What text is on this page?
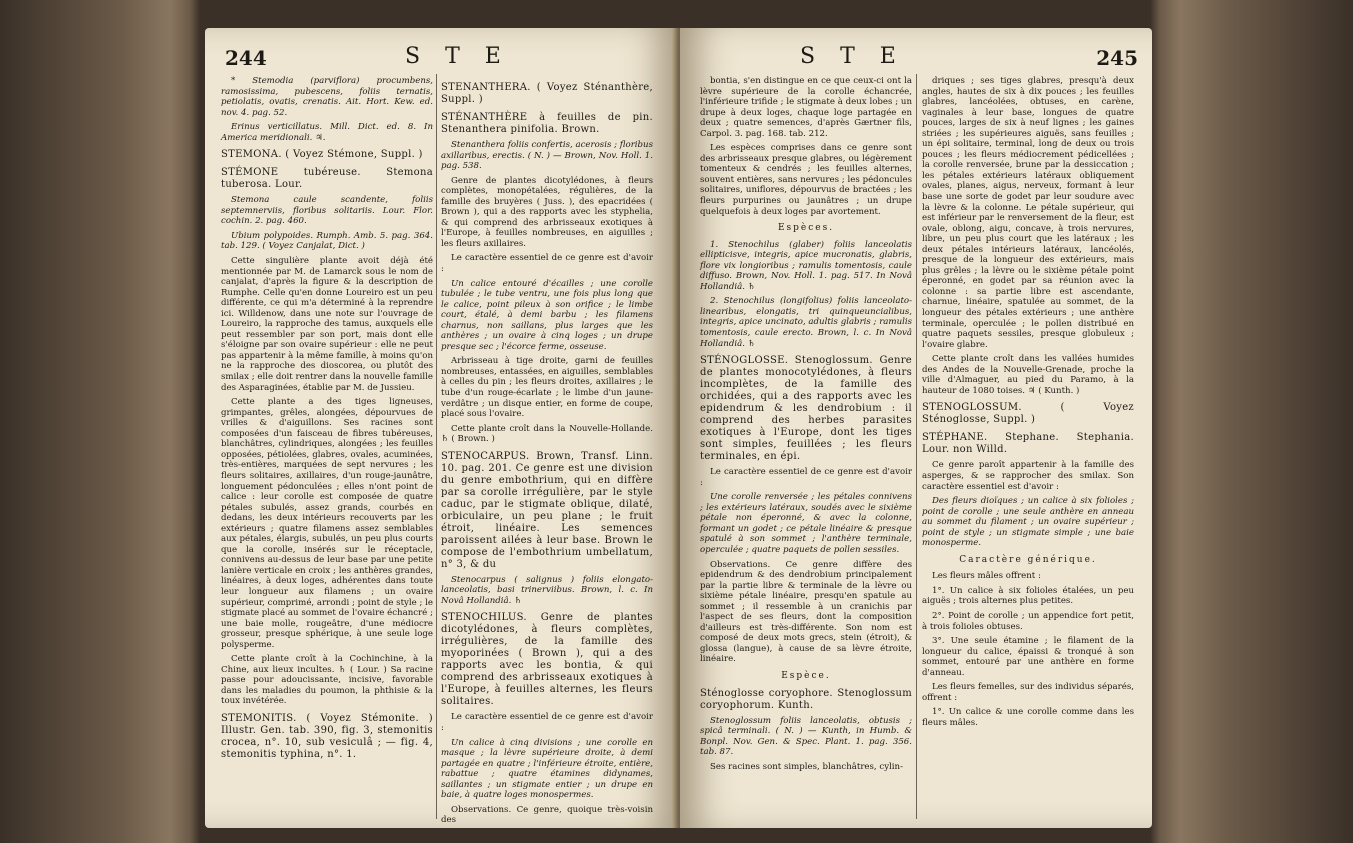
244	S T E

* Stemodia (parviflora) procumbens, ramosissima, pubescens, foliis ternatis, petiolatis, ovatis, crenatis. Ait. Hort. Kew. ed. nov. 4. pag. 52.

Erinus verticillatus. Mill. Dict. ed. 8. In America meridionali. ♃.

STEMONA. ( Voyez Stémone, Suppl. )

STÉMONE tubéreuse. Stemona tuberosa. Lour.

Stemona caule scandente, foliis septemnerviis, floribus solitariis. Lour. Flor. cochin. 2. pag. 460.

Ubium polypoides. Rumph. Amb. 5. pag. 364. tab. 129. ( Voyez Canjalat, Dict. )

Cette singulière plante avoit déjà été mentionnée par M. de Lamarck sous le nom de canjalat, d'après la figure & la description de Rumphe. Celle qu'en donne Loureiro est un peu différente, ce qui m'a déterminé à la reprendre ici. Willdenow, dans une note sur l'ouvrage de Loureiro, la rapproche des tamus, auxquels elle peut ressembler par son port, mais dont elle s'éloigne par son ovaire supérieur : elle ne peut pas appartenir à la même famille, à moins qu'on ne la rapproche des dioscorea, ou plutôt des smilax ; elle doit rentrer dans la nouvelle famille des Asparaginées, établie par M. de Jussieu.

Cette plante a des tiges ligneuses, grimpantes, grêles, alongées, dépourvues de vrilles & d'aiguillons. Ses racines sont composées d'un faisceau de fibres tubéreuses, blanchâtres, cylindriques, alongées ; les feuilles opposées, pétiolées, glabres, ovales, acuminées, très-entières, marquées de sept nervures ; les fleurs solitaires, axillaires, d'un rouge-jaunâtre, longuement pédonculées ; elles n'ont point de calice : leur corolle est composée de quatre pétales subulés, assez grands, courbés en dedans, les deux intérieurs recouverts par les extérieurs ; quatre filamens assez semblables aux pétales, élargis, subulés, un peu plus courts que la corolle, insérés sur le réceptacle, connivens au-dessus de leur base par une petite lanière verticale en croix ; les anthères grandes, linéaires, à deux loges, adhérentes dans toute leur longueur aux filamens ; un ovaire supérieur, comprimé, arrondi ; point de style ; le stigmate placé au sommet de l'ovaire échancré ; une baie molle, rougeâtre, d'une médiocre grosseur, presque sphérique, à une seule loge polysperme.

Cette plante croît à la Cochinchine, à la Chine, aux lieux incultes. ♄ ( Lour. ) Sa racine passe pour adoucissante, incisive, favorable dans les maladies du poumon, la phthisie & la toux invétérée.

STEMONITIS. ( Voyez Stémonite. ) Illustr. Gen. tab. 390, fig. 3, stemonitis crocea, n°. 10, sub vesiculâ ; — fig. 4, stemonitis typhina, n°. 1.

STENANTHERA. ( Voyez Sténanthère, Suppl. )

STÉNANTHÈRE à feuilles de pin. Stenanthera pinifolia. Brown.

Stenanthera foliis confertis, acerosis ; floribus axillaribus, erectis. ( N. ) — Brown, Nov. Holl. 1. pag. 538.

Genre de plantes dicotylédones, à fleurs complètes, monopétalées, régulières, de la famille des bruyères ( Juss. ), des epacridées ( Brown ), qui a des rapports avec les styphelia, & qui comprend des arbrisseaux exotiques à l'Europe, à feuilles nombreuses, en aiguilles ; les fleurs axillaires.

Le caractère essentiel de ce genre est d'avoir :

Un calice entouré d'écailles ; une corolle tubulée ; le tube ventru, une fois plus long que le calice, point pileux à son orifice ; le limbe court, étalé, à demi barbu ; les filamens charnus, non saillans, plus larges que les anthères ; un ovaire à cinq loges ; un drupe presque sec ; l'écorce ferme, osseuse.

Arbrisseau à tige droite, garni de feuilles nombreuses, entassées, en aiguilles, semblables à celles du pin ; les fleurs droites, axillaires ; le tube d'un rouge-écarlate ; le limbe d'un jaune-verdâtre ; un disque entier, en forme de coupe, placé sous l'ovaire.

Cette plante croît dans la Nouvelle-Hollande. ♄ ( Brown. )

STENOCARPUS. Brown, Transf. Linn. 10. pag. 201. Ce genre est une division du genre embothrium, qui en diffère par sa corolle irrégulière, par le style caduc, par le stigmate oblique, dilaté, orbiculaire, un peu plane ; le fruit étroit, linéaire. Les semences paroissent ailées à leur base. Brown le compose de l'embothrium umbellatum, n° 3, & du

Stenocarpus ( salignus ) foliis elongato-lanceolatis, basi trinerviibus. Brown, l. c. In Novâ Hollandiâ. ♄

STENOCHILUS. Genre de plantes dicotylédones, à fleurs complètes, irrégulières, de la famille des myoporinées ( Brown ), qui a des rapports avec les bontia, & qui comprend des arbrisseaux exotiques à l'Europe, à feuilles alternes, les fleurs solitaires.

Le caractère essentiel de ce genre est d'avoir :

Un calice à cinq divisions ; une corolle en masque ; la lèvre supérieure droite, à demi partagée en quatre ; l'inférieure étroite, entière, rabattue ; quatre étamines didynames, saillantes ; un stigmate entier ; un drupe en baie, à quatre loges monospermes.

Observations. Ce genre, quoique très-voisin des

S T E	245

bontia, s'en distingue en ce que ceux-ci ont la lèvre supérieure de la corolle échancrée, l'inférieure trifide ; le stigmate à deux lobes ; un drupe à deux loges, chaque loge partagée en deux ; quatre semences, d'après Gærtner fils, Carpol. 3. pag. 168. tab. 212.

Les espèces comprises dans ce genre sont des arbrisseaux presque glabres, ou légèrement tomenteux & cendrés ; les feuilles alternes, souvent entières, sans nervures ; les pédoncules solitaires, uniflores, dépourvus de bractées ; les fleurs purpurines ou jaunâtres ; un drupe quelquefois à deux loges par avortement.

Espèces.

1. Stenochilus (glaber) foliis lanceolatis ellipticisve, integris, apice mucronatis, glabris, flore vix longioribus ; ramulis tomentosis, caule diffuso. Brown, Nov. Holl. 1. pag. 517. In Novâ Hollandiâ. ♄

2. Stenochilus (longifolius) foliis lanceolato-linearibus, elongatis, tri quinqueuncialibus, integris, apice uncinato, adultis glabris ; ramulis tomentosis, caule erecto. Brown, l. c. In Novâ Hollandiâ. ♄

STÉNOGLOSSE. Stenoglossum. Genre de plantes monocotylédones, à fleurs incomplètes, de la famille des orchidées, qui a des rapports avec les epidendrum & les dendrobium : il comprend des herbes parasites exotiques à l'Europe, dont les tiges sont simples, feuillées ; les fleurs terminales, en épi.

Le caractère essentiel de ce genre est d'avoir :

Une corolle renversée ; les pétales connivens ; les extérieurs latéraux, soudés avec le sixième pétale non éperonné, & avec la colonne, formant un godet ; ce pétale linéaire & presque spatulé à son sommet ; l'anthère terminale, operculée ; quatre paquets de pollen sessiles.

Observations. Ce genre diffère des epidendrum & des dendrobium principalement par la partie libre & terminale de la lèvre ou sixième pétale linéaire, presqu'en spatule au sommet ; il ressemble à un cranichis par l'aspect de ses fleurs, dont la composition d'ailleurs est très-différente. Son nom est composé de deux mots grecs, stein (étroit), & glossa (langue), à cause de sa lèvre étroite, linéaire.

Espèce.

Sténoglosse coryophore. Stenoglossum coryophorum. Kunth.

Stenoglossum foliis lanceolatis, obtusis ; spicâ terminali. ( N. ) — Kunth, in Humb. & Bonpl. Nov. Gen. & Spec. Plant. 1. pag. 356. tab. 87.

Ses racines sont simples, blanchâtres, cylin-

driques ; ses tiges glabres, presqu'à deux angles, hautes de six à dix pouces ; les feuilles glabres, lancéolées, obtuses, en carène, vaginales à leur base, longues de quatre pouces, larges de six à neuf lignes ; les gaines striées ; les supérieures aiguës, sans feuilles ; un épi solitaire, terminal, long de deux ou trois pouces ; les fleurs médiocrement pédicellées ; la corolle renversée, brune par la dessiccation ; les pétales extérieurs latéraux obliquement ovales, planes, aigus, nerveux, formant à leur base une sorte de godet par leur soudure avec la lèvre & la colonne. Le pétale supérieur, qui est inférieur par le renversement de la fleur, est ovale, oblong, aigu, concave, à trois nervures, libre, un peu plus court que les latéraux ; les deux pétales intérieurs latéraux, lancéolés, presque de la longueur des extérieurs, mais plus grêles ; la lèvre ou le sixième pétale point éperonné, en godet par sa réunion avec la colonne : sa partie libre est ascendante, charnue, linéaire, spatulée au sommet, de la longueur des pétales extérieurs ; une anthère terminale, operculée ; le pollen distribué en quatre paquets sessiles, presque globuleux ; l'ovaire glabre.

Cette plante croît dans les vallées humides des Andes de la Nouvelle-Grenade, proche la ville d'Almaguer, au pied du Paramo, à la hauteur de 1080 toises. ♃ ( Kunth. )

STENOGLOSSUM. ( Voyez Sténoglosse, Suppl. )

STÉPHANE. Stephane. Stephania. Lour. non Willd.

Ce genre paroît appartenir à la famille des asperges, & se rapprocher des smilax. Son caractère essentiel est d'avoir :

Des fleurs dioïques ; un calice à six folioles ; point de corolle ; une seule anthère en anneau au sommet du filament ; un ovaire supérieur ; point de style ; un stigmate simple ; une baie monosperme.

Caractère générique.

Les fleurs mâles offrent :

1°. Un calice à six folioles étalées, un peu aiguës ; trois alternes plus petites.

2°. Point de corolle ; un appendice fort petit, à trois folioles obtuses.

3°. Une seule étamine ; le filament de la longueur du calice, épaissi & tronqué à son sommet, entouré par une anthère en forme d'anneau.

Les fleurs femelles, sur des individus séparés, offrent :

1°. Un calice & une corolle comme dans les fleurs mâles.
